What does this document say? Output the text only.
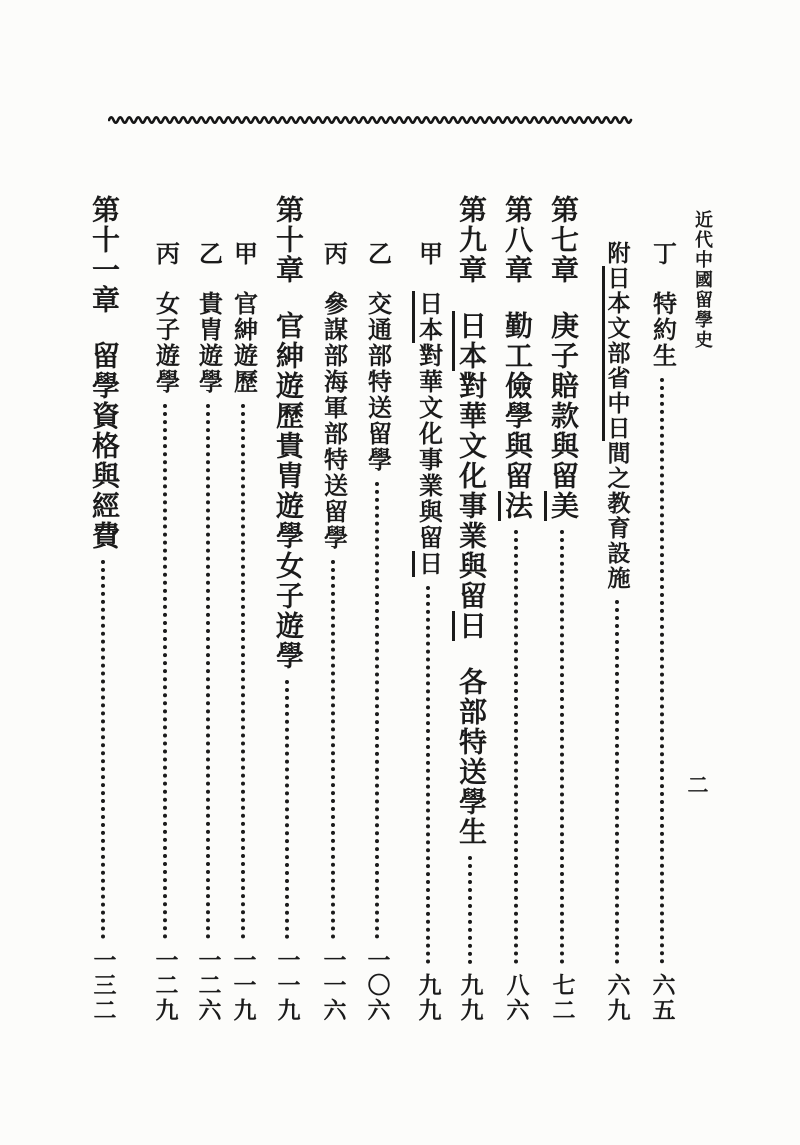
近代中國留學史
二
丁
特約生
六五
附
日本文部省中日間之教育設施
六九
第七章
庚子賠款與留美
七二
第八章
勤工儉學與留法
八六
第九章
日本對華文化事業與留日各部特送學生
九九
甲
日本對華文化事業與留日
九九
乙
交通部特送留學
一〇六
丙
參謀部海軍部特送留學
一一六
第十章
官紳遊歷貴胄遊學女子遊學
一一九
甲
官紳遊歷
一一九
乙
貴胄遊學
一二六
丙
女子遊學
一二九
第十一章
留學資格與經費
一三二
